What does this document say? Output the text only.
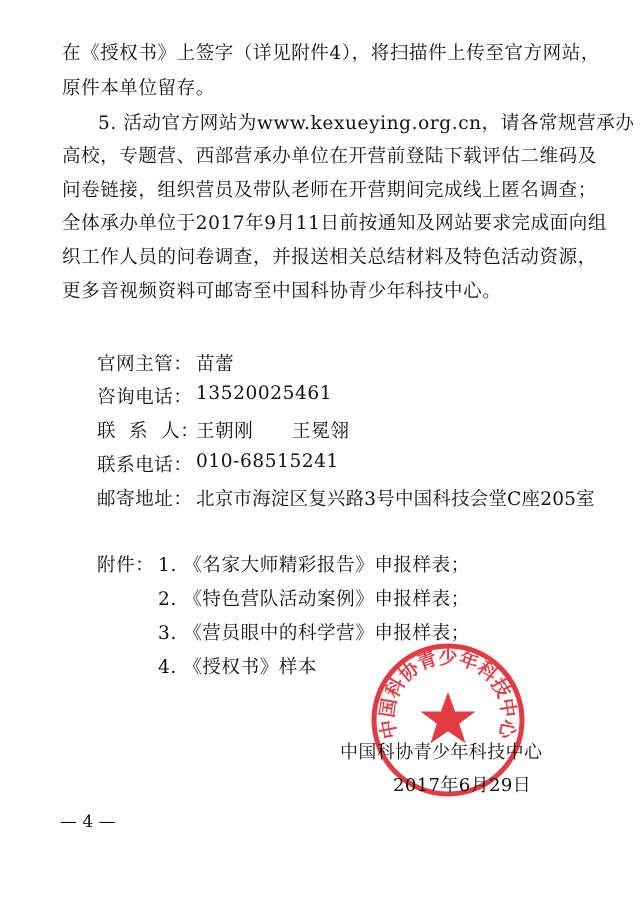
在《授权书》上签字（详见附件4），将扫描件上传至官方网站，
原件本单位留存。
5. 活动官方网站为www.kexueying.org.cn，请各常规营承办
高校，专题营、西部营承办单位在开营前登陆下载评估二维码及
问卷链接，组织营员及带队老师在开营期间完成线上匿名调查；
全体承办单位于2017年9月11日前按通知及网站要求完成面向组
织工作人员的问卷调查，并报送相关总结材料及特色活动资源，
更多音视频资料可邮寄至中国科协青少年科技中心。
官网主管： 苗蕾
咨询电话： 13520025461
联  系  人：
王朝刚      王冕翎
联系电话： 010-68515241
邮寄地址： 北京市海淀区复兴路3号中国科技会堂C座205室
附件： 1. 《名家大师精彩报告》申报样表；
2. 《特色营队活动案例》申报样表；
3. 《营员眼中的科学营》申报样表；
4. 《授权书》样本
中国科协青少年科技中心
中国科协青少年科技中心
2017年6月29日
— 4 —
